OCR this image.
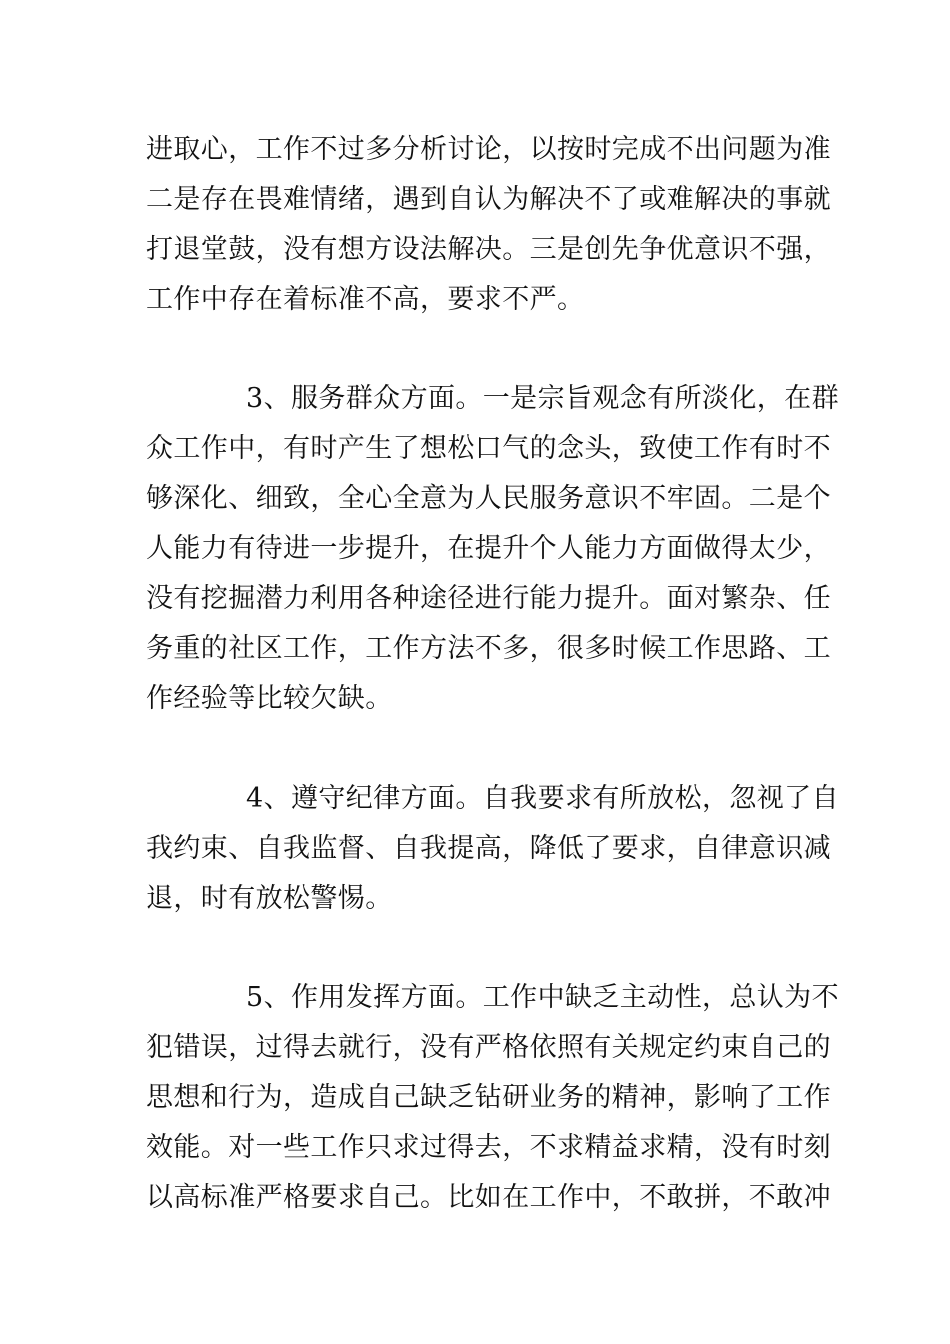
进取心，工作不过多分析讨论，以按时完成不出问题为准
二是存在畏难情绪，遇到自认为解决不了或难解决的事就
打退堂鼓，没有想方设法解决。三是创先争优意识不强，
工作中存在着标准不高，要求不严。
3、服务群众方面。一是宗旨观念有所淡化，在群
众工作中，有时产生了想松口气的念头，致使工作有时不
够深化、细致，全心全意为人民服务意识不牢固。二是个
人能力有待进一步提升，在提升个人能力方面做得太少，
没有挖掘潜力利用各种途径进行能力提升。面对繁杂、任
务重的社区工作，工作方法不多，很多时候工作思路、工
作经验等比较欠缺。
4、遵守纪律方面。自我要求有所放松，忽视了自
我约束、自我监督、自我提高，降低了要求，自律意识减
退，时有放松警惕。
5、作用发挥方面。工作中缺乏主动性，总认为不
犯错误，过得去就行，没有严格依照有关规定约束自己的
思想和行为，造成自己缺乏钻研业务的精神，影响了工作
效能。对一些工作只求过得去，不求精益求精，没有时刻
以高标准严格要求自己。比如在工作中，不敢拼，不敢冲
